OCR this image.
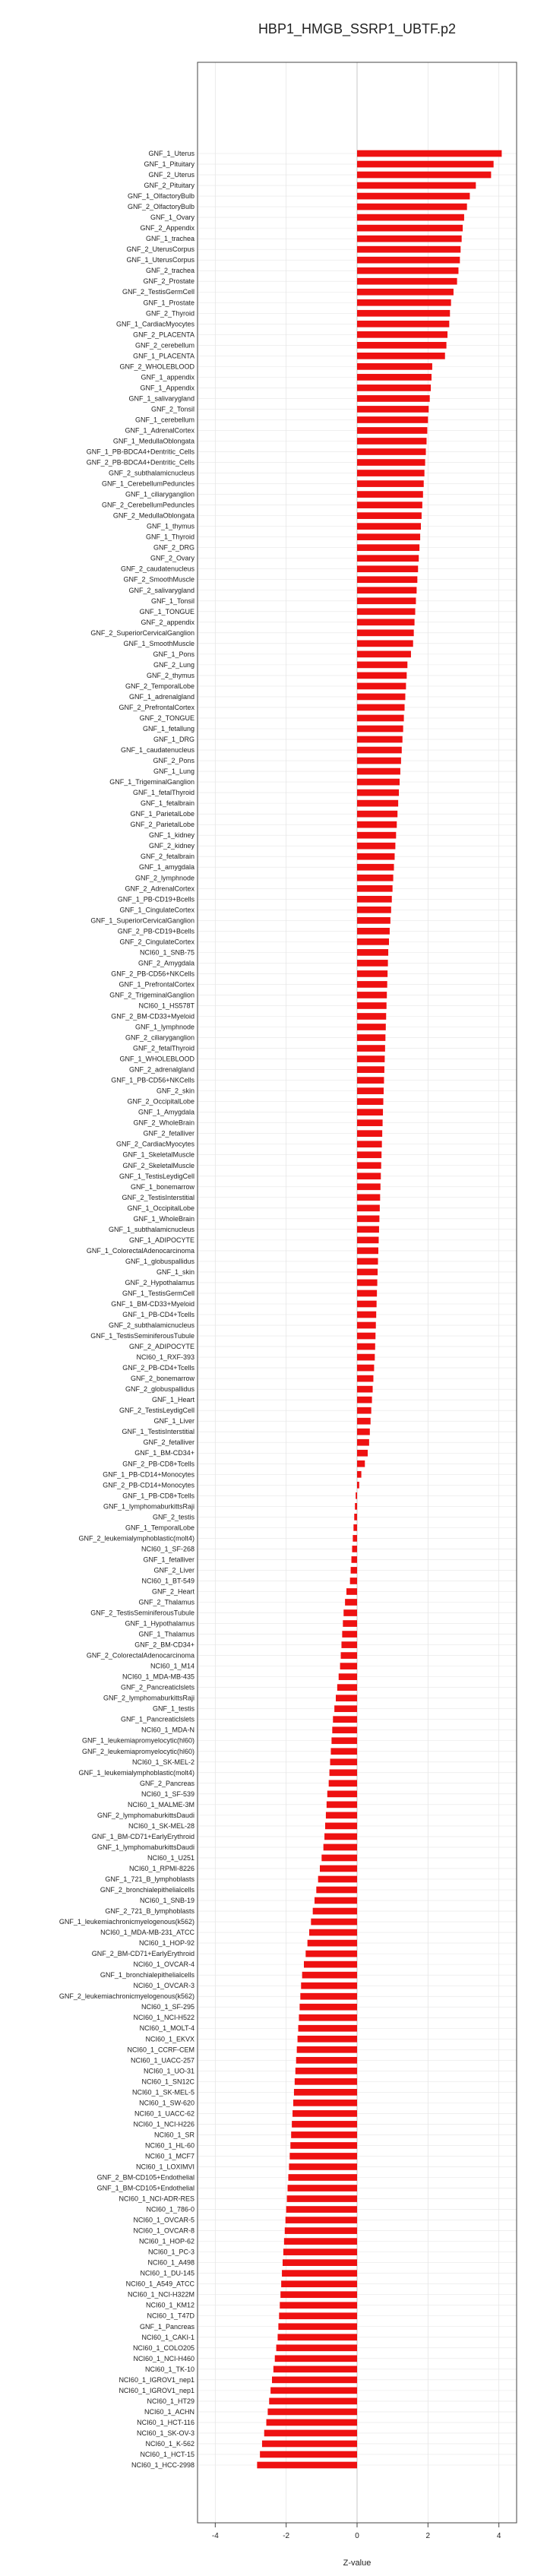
HBP1_HMGB_SSRP1_UBTF.p2
GNF_1_Uterus
GNF_1_Pituitary
GNF_2_Uterus
GNF_2_Pituitary
GNF_1_OlfactoryBulb
GNF_2_OlfactoryBulb
GNF_1_Ovary
GNF_2_Appendix
GNF_1_trachea
GNF_2_UterusCorpus
GNF_1_UterusCorpus
GNF_2_trachea
GNF_2_Prostate
GNF_2_TestisGermCell
GNF_1_Prostate
GNF_2_Thyroid
GNF_1_CardiacMyocytes
GNF_2_PLACENTA
GNF_2_cerebellum
GNF_1_PLACENTA
GNF_2_WHOLEBLOOD
GNF_1_appendix
GNF_1_Appendix
GNF_1_salivarygland
GNF_2_Tonsil
GNF_1_cerebellum
GNF_1_AdrenalCortex
GNF_1_MedullaOblongata
GNF_1_PB-BDCA4+Dentritic_Cells
GNF_2_PB-BDCA4+Dentritic_Cells
GNF_2_subthalamicnucleus
GNF_1_CerebellumPeduncles
GNF_1_ciliaryganglion
GNF_2_CerebellumPeduncles
GNF_2_MedullaOblongata
GNF_1_thymus
GNF_1_Thyroid
GNF_2_DRG
GNF_2_Ovary
GNF_2_caudatenucleus
GNF_2_SmoothMuscle
GNF_2_salivarygland
GNF_1_Tonsil
GNF_1_TONGUE
GNF_2_appendix
GNF_2_SuperiorCervicalGanglion
GNF_1_SmoothMuscle
GNF_1_Pons
GNF_2_Lung
GNF_2_thymus
GNF_2_TemporalLobe
GNF_1_adrenalgland
GNF_2_PrefrontalCortex
GNF_2_TONGUE
GNF_1_fetallung
GNF_1_DRG
GNF_1_caudatenucleus
GNF_2_Pons
GNF_1_Lung
GNF_1_TrigeminalGanglion
GNF_1_fetalThyroid
GNF_1_fetalbrain
GNF_1_ParietalLobe
GNF_2_ParietalLobe
GNF_1_kidney
GNF_2_kidney
GNF_2_fetalbrain
GNF_1_amygdala
GNF_2_lymphnode
GNF_2_AdrenalCortex
GNF_1_PB-CD19+Bcells
GNF_1_CingulateCortex
GNF_1_SuperiorCervicalGanglion
GNF_2_PB-CD19+Bcells
GNF_2_CingulateCortex
NCI60_1_SNB-75
GNF_2_Amygdala
GNF_2_PB-CD56+NKCells
GNF_1_PrefrontalCortex
GNF_2_TrigeminalGanglion
NCI60_1_HS578T
GNF_2_BM-CD33+Myeloid
GNF_1_lymphnode
GNF_2_ciliaryganglion
GNF_2_fetalThyroid
GNF_1_WHOLEBLOOD
GNF_2_adrenalgland
GNF_1_PB-CD56+NKCells
GNF_2_skin
GNF_2_OccipitalLobe
GNF_1_Amygdala
GNF_2_WholeBrain
GNF_2_fetalliver
GNF_2_CardiacMyocytes
GNF_1_SkeletalMuscle
GNF_2_SkeletalMuscle
GNF_1_TestisLeydigCell
GNF_1_bonemarrow
GNF_2_TestisInterstitial
GNF_1_OccipitalLobe
GNF_1_WholeBrain
GNF_1_subthalamicnucleus
GNF_1_ADIPOCYTE
GNF_1_ColorectalAdenocarcinoma
GNF_1_globuspallidus
GNF_1_skin
GNF_2_Hypothalamus
GNF_1_TestisGermCell
GNF_1_BM-CD33+Myeloid
GNF_1_PB-CD4+Tcells
GNF_2_subthalamicnucleus
GNF_1_TestisSeminiferousTubule
GNF_2_ADIPOCYTE
NCI60_1_RXF-393
GNF_2_PB-CD4+Tcells
GNF_2_bonemarrow
GNF_2_globuspallidus
GNF_1_Heart
GNF_2_TestisLeydigCell
GNF_1_Liver
GNF_1_TestisInterstitial
GNF_2_fetalliver
GNF_1_BM-CD34+
GNF_2_PB-CD8+Tcells
GNF_1_PB-CD14+Monocytes
GNF_2_PB-CD14+Monocytes
GNF_1_PB-CD8+Tcells
GNF_1_lymphomaburkittsRaji
GNF_2_testis
GNF_1_TemporalLobe
GNF_2_leukemialymphoblastic(molt4)
NCI60_1_SF-268
GNF_1_fetalliver
GNF_2_Liver
NCI60_1_BT-549
GNF_2_Heart
GNF_2_Thalamus
GNF_2_TestisSeminiferousTubule
GNF_1_Hypothalamus
GNF_1_Thalamus
GNF_2_BM-CD34+
GNF_2_ColorectalAdenocarcinoma
NCI60_1_M14
NCI60_1_MDA-MB-435
GNF_2_Pancreaticlslets
GNF_2_lymphomaburkittsRaji
GNF_1_testis
GNF_1_Pancreaticlslets
NCI60_1_MDA-N
GNF_1_leukemiapromyelocytic(hl60)
GNF_2_leukemiapromyelocytic(hl60)
NCI60_1_SK-MEL-2
GNF_1_leukemialymphoblastic(molt4)
GNF_2_Pancreas
NCI60_1_SF-539
NCI60_1_MALME-3M
GNF_2_lymphomaburkittsDaudi
NCI60_1_SK-MEL-28
GNF_1_BM-CD71+EarlyErythroid
GNF_1_lymphomaburkittsDaudi
NCI60_1_U251
NCI60_1_RPMI-8226
GNF_1_721_B_lymphoblasts
GNF_2_bronchialepithelialcells
NCI60_1_SNB-19
GNF_2_721_B_lymphoblasts
GNF_1_leukemiachronicmyelogenous(k562)
NCI60_1_MDA-MB-231_ATCC
NCI60_1_HOP-92
GNF_2_BM-CD71+EarlyErythroid
NCI60_1_OVCAR-4
GNF_1_bronchialepithelialcells
NCI60_1_OVCAR-3
GNF_2_leukemiachronicmyelogenous(k562)
NCI60_1_SF-295
NCI60_1_NCI-H522
NCI60_1_MOLT-4
NCI60_1_EKVX
NCI60_1_CCRF-CEM
NCI60_1_UACC-257
NCI60_1_UO-31
NCI60_1_SN12C
NCI60_1_SK-MEL-5
NCI60_1_SW-620
NCI60_1_UACC-62
NCI60_1_NCI-H226
NCI60_1_SR
NCI60_1_HL-60
NCI60_1_MCF7
NCI60_1_LOXIMVI
GNF_2_BM-CD105+Endothelial
GNF_1_BM-CD105+Endothelial
NCI60_1_NCI-ADR-RES
NCI60_1_786-0
NCI60_1_OVCAR-5
NCI60_1_OVCAR-8
NCI60_1_HOP-62
NCI60_1_PC-3
NCI60_1_A498
NCI60_1_DU-145
NCI60_1_A549_ATCC
NCI60_1_NCI-H322M
NCI60_1_KM12
NCI60_1_T47D
GNF_1_Pancreas
NCI60_1_CAKI-1
NCI60_1_COLO205
NCI60_1_NCI-H460
NCI60_1_TK-10
NCI60_1_IGROV1_nep1
NCI60_1_IGROV1_nep1
NCI60_1_HT29
NCI60_1_ACHN
NCI60_1_HCT-116
NCI60_1_SK-OV-3
NCI60_1_K-562
NCI60_1_HCT-15
NCI60_1_HCC-2998
-4	-2	0	2	4
Z-value
